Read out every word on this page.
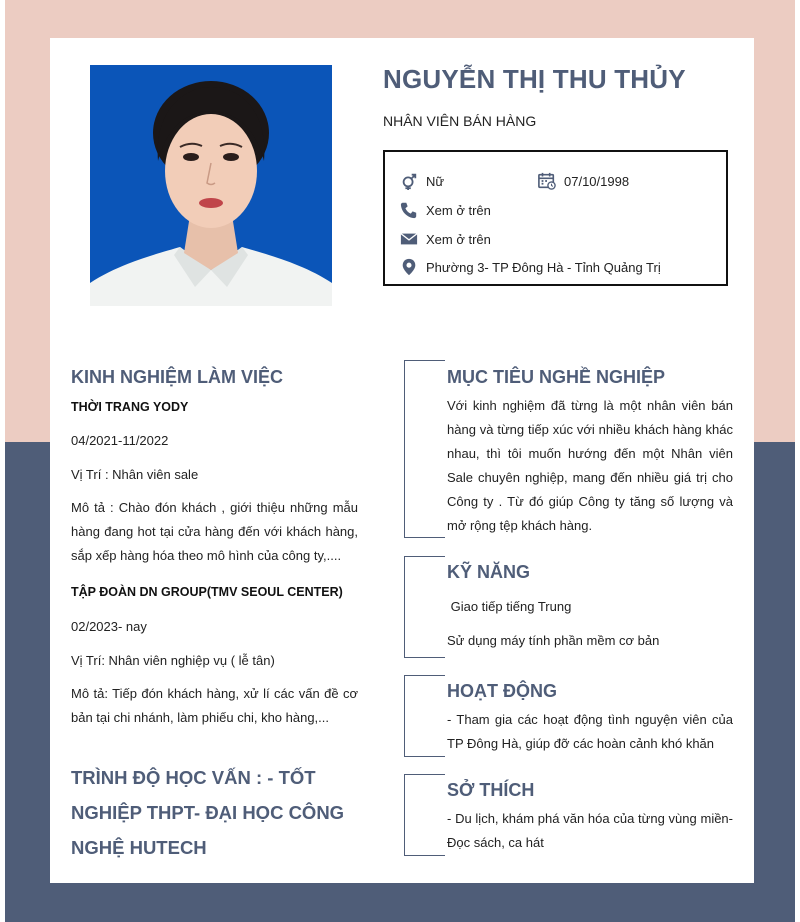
NGUYỄN THỊ THU THỦY
NHÂN VIÊN BÁN HÀNG
Nữ	07/10/1998
Xem ở trên
Xem ở trên
Phường 3- TP Đông Hà - Tỉnh Quảng Trị
KINH NGHIỆM LÀM VIỆC
THỜI TRANG YODY
04/2021-11/2022
Vị Trí : Nhân viên sale
Mô tả : Chào đón khách , giới thiệu những mẫu hàng đang hot tại cửa hàng đến với khách hàng, sắp xếp hàng hóa theo mô hình của công ty,....
TẬP ĐOÀN DN GROUP(TMV SEOUL CENTER)
02/2023- nay
Vị Trí: Nhân viên nghiệp vụ ( lễ tân)
Mô tả: Tiếp đón khách hàng, xử lí các vấn đề cơ bản tại chi nhánh, làm phiếu chi, kho hàng,...
TRÌNH ĐỘ HỌC VẤN : - TỐT NGHIỆP THPT- ĐẠI HỌC CÔNG NGHỆ HUTECH
MỤC TIÊU NGHỀ NGHIỆP
Với kinh nghiệm đã từng là một nhân viên bán hàng và từng tiếp xúc với nhiều khách hàng khác nhau, thì tôi muốn hướng đến một Nhân viên Sale chuyên nghiệp, mang đến nhiều giá trị cho Công ty . Từ đó giúp Công ty tăng số lượng và mở rộng tệp khách hàng.
KỸ NĂNG
Giao tiếp tiếng Trung
Sử dụng máy tính phần mềm cơ bản
HOẠT ĐỘNG
- Tham gia các hoạt động tình nguyện viên của TP Đông Hà, giúp đỡ các hoàn cảnh khó khăn
SỞ THÍCH
- Du lịch, khám phá văn hóa của từng vùng miền- Đọc sách, ca hát
